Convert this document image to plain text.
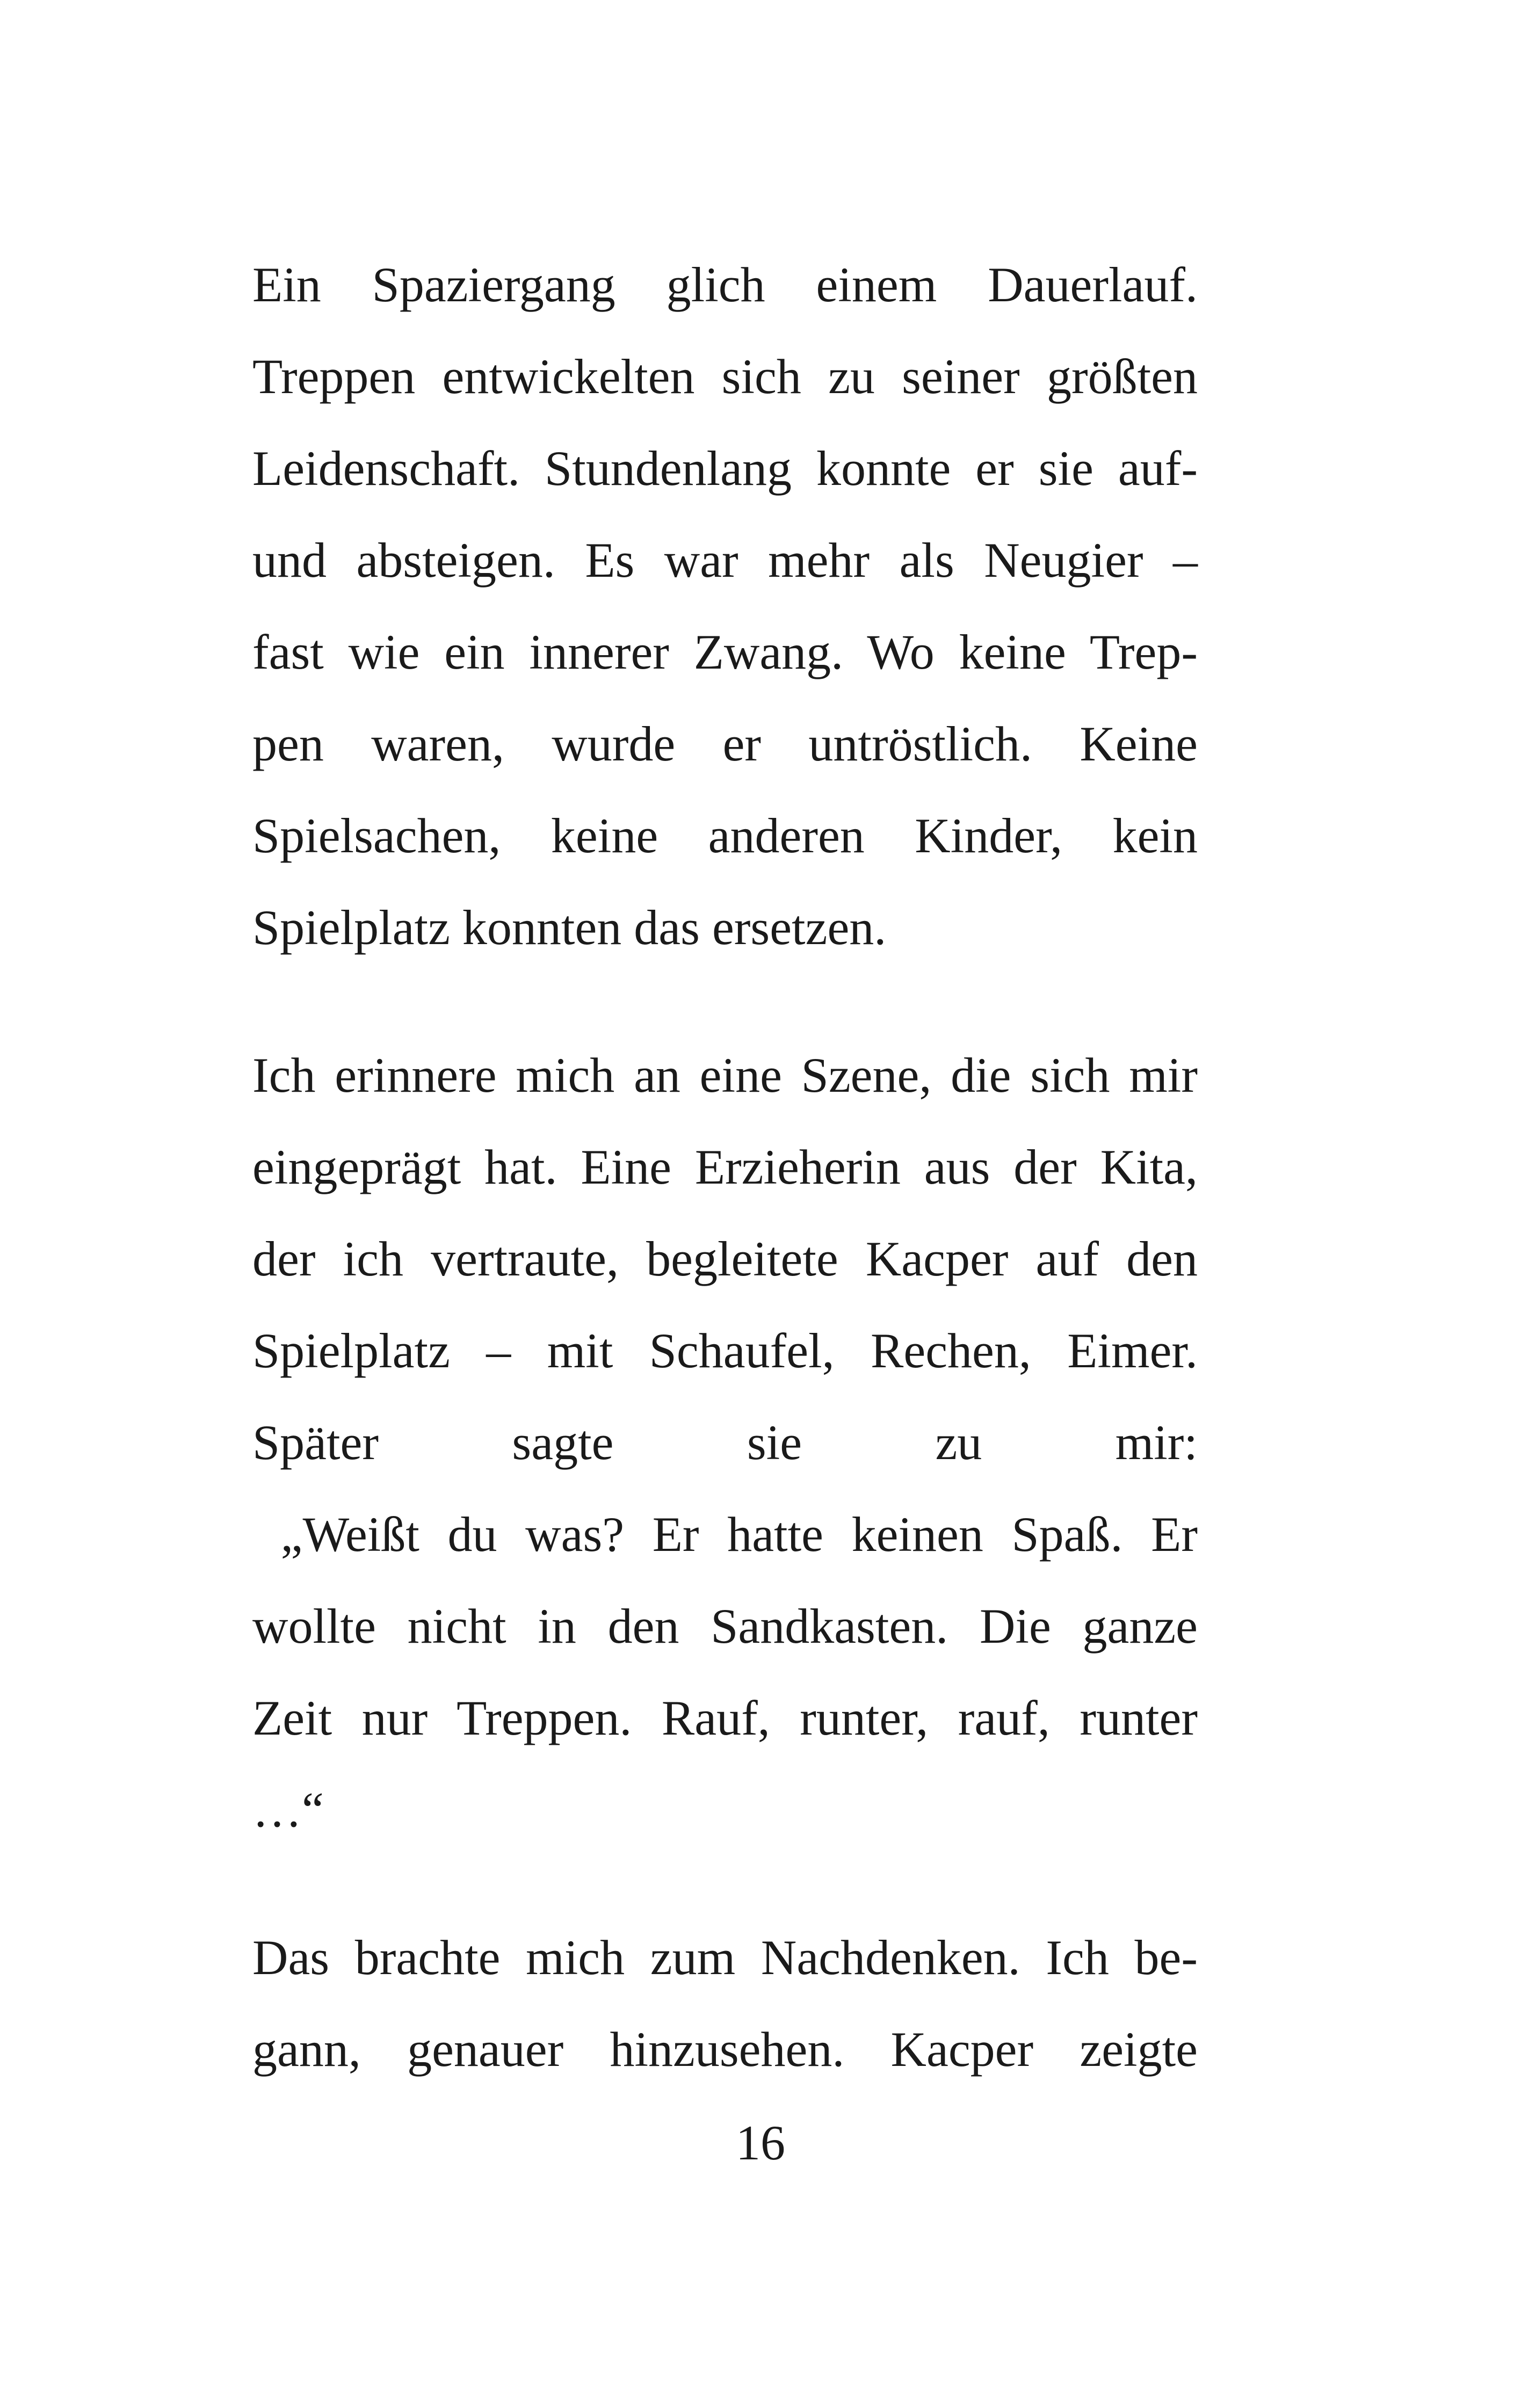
Ein Spaziergang glich einem Dauerlauf.
Treppen entwickelten sich zu seiner größten
Leidenschaft. Stundenlang konnte er sie auf-
und absteigen. Es war mehr als Neugier –
fast wie ein innerer Zwang. Wo keine Trep-
pen waren, wurde er untröstlich. Keine
Spielsachen, keine anderen Kinder, kein
Spielplatz konnten das ersetzen.
Ich erinnere mich an eine Szene, die sich mir
eingeprägt hat. Eine Erzieherin aus der Kita,
der ich vertraute, begleitete Kacper auf den
Spielplatz – mit Schaufel, Rechen, Eimer.
Später sagte sie zu mir:
„Weißt du was? Er hatte keinen Spaß. Er
wollte nicht in den Sandkasten. Die ganze
Zeit nur Treppen. Rauf, runter, rauf, runter
…“
Das brachte mich zum Nachdenken. Ich be-
gann, genauer hinzusehen. Kacper zeigte
16
